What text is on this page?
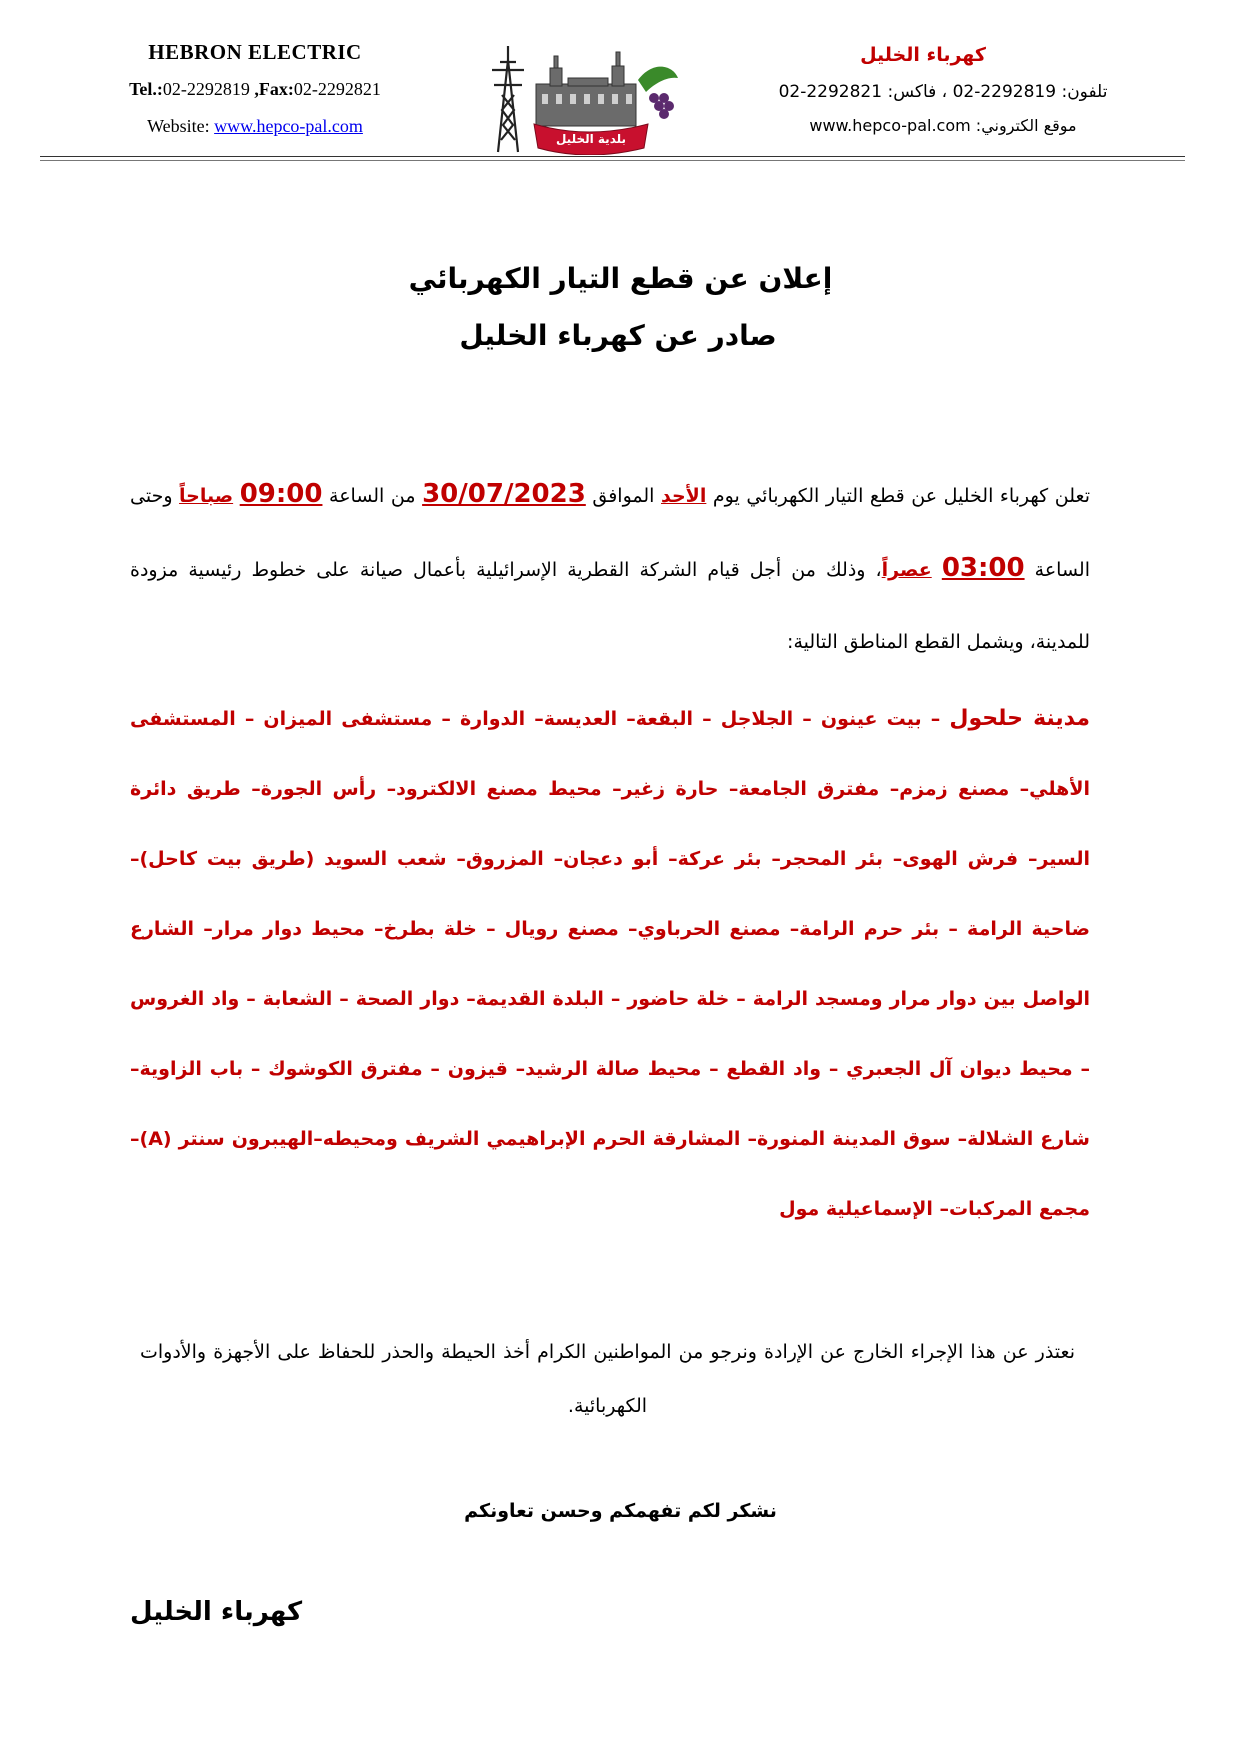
HEBRON ELECTRIC
Tel.:02-2292819 ,Fax:02-2292821
Website: www.hepco-pal.com
بلدية الخليل
كهرباء الخليل
تلفون: 2292819-02 ، فاكس: 2292821-02
موقع الكتروني: www.hepco-pal.com
إعلان عن قطع التيار الكهربائي
صادر عن كهرباء الخليل
تعلن كهرباء الخليل عن قطع التيار الكهربائي يوم الأحد الموافق 30/07/2023 من الساعة 09:00 صباحاً وحتى الساعة 03:00 عصراً، وذلك من أجل قيام الشركة القطرية الإسرائيلية بأعمال صيانة على خطوط رئيسية مزودة للمدينة، ويشمل القطع المناطق التالية:
مدينة حلحول – بيت عينون – الجلاجل – البقعة– العديسة– الدوارة – مستشفى الميزان – المستشفى الأهلي– مصنع زمزم– مفترق الجامعة– حارة زغير– محيط مصنع الالكترود– رأس الجورة– طريق دائرة السير– فرش الهوى– بئر المحجر– بئر عركة– أبو دعجان– المزروق– شعب السويد (طريق بيت كاحل)– ضاحية الرامة – بئر حرم الرامة– مصنع الحرباوي– مصنع رويال – خلة بطرخ– محيط دوار مرار– الشارع الواصل بين دوار مرار ومسجد الرامة – خلة حاضور – البلدة القديمة– دوار الصحة – الشعابة – واد الغروس – محيط ديوان آل الجعبري – واد القطع – محيط صالة الرشيد– قيزون – مفترق الكوشوك – باب الزاوية– شارع الشلالة– سوق المدينة المنورة– المشارقة الحرم الإبراهيمي الشريف ومحيطه–الهيبرون سنتر (A)–مجمع المركبات– الإسماعيلية مول
نعتذر عن هذا الإجراء الخارج عن الإرادة ونرجو من المواطنين الكرام أخذ الحيطة والحذر للحفاظ على الأجهزة والأدوات الكهربائية.
نشكر لكم تفهمكم وحسن تعاونكم
كهرباء الخليل
